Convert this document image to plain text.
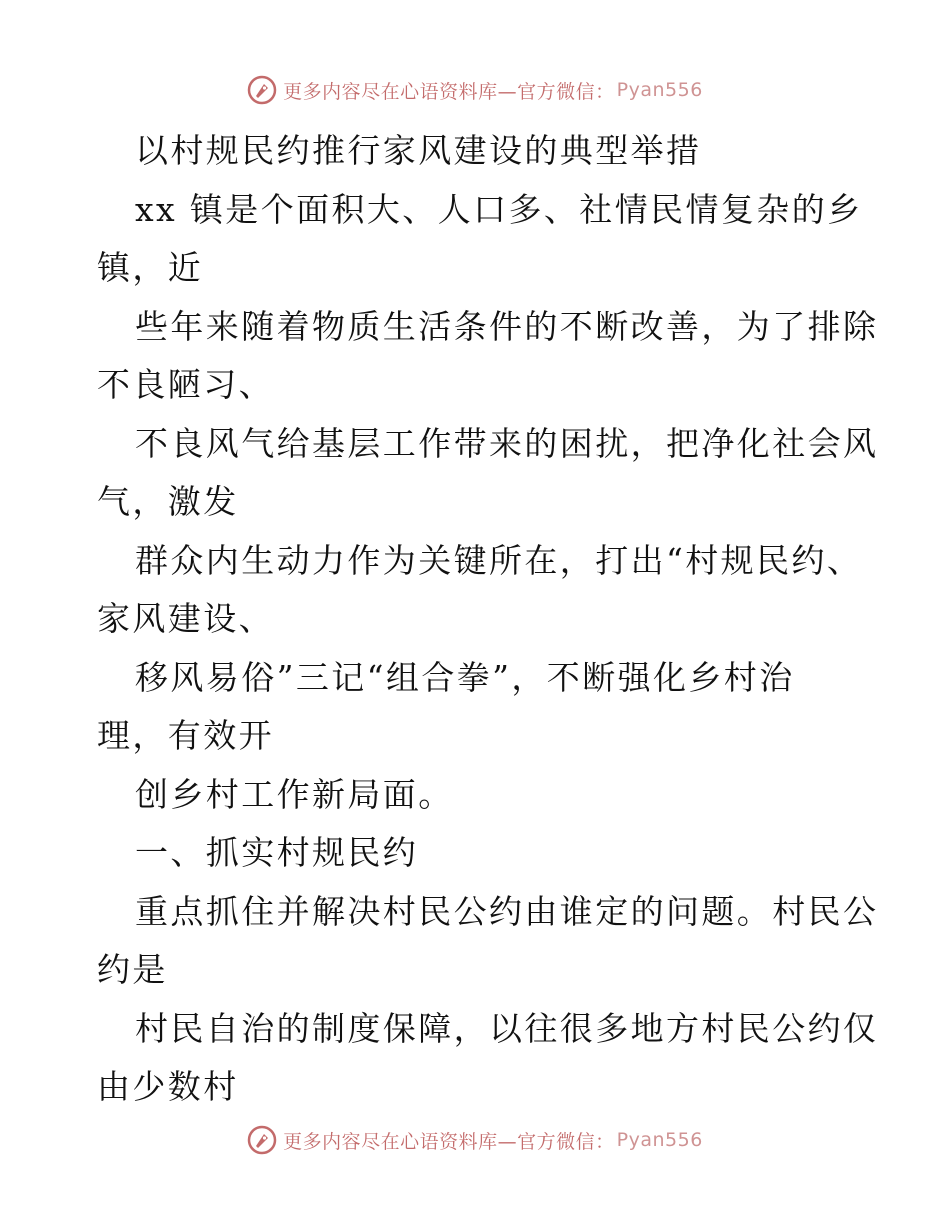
更多内容尽在心语资料库—官方微信： Pyan556
以村规民约推行家风建设的典型举措
xx 镇是个面积大、人口多、社情民情复杂的乡
镇，近
些年来随着物质生活条件的不断改善，为了排除
不良陋习、
不良风气给基层工作带来的困扰，把净化社会风
气，激发
群众内生动力作为关键所在，打出“村规民约、
家风建设、
移风易俗”三记“组合拳”，不断强化乡村治
理，有效开
创乡村工作新局面。
一、抓实村规民约
重点抓住并解决村民公约由谁定的问题。村民公
约是
村民自治的制度保障，以往很多地方村民公约仅
由少数村
更多内容尽在心语资料库—官方微信： Pyan556
